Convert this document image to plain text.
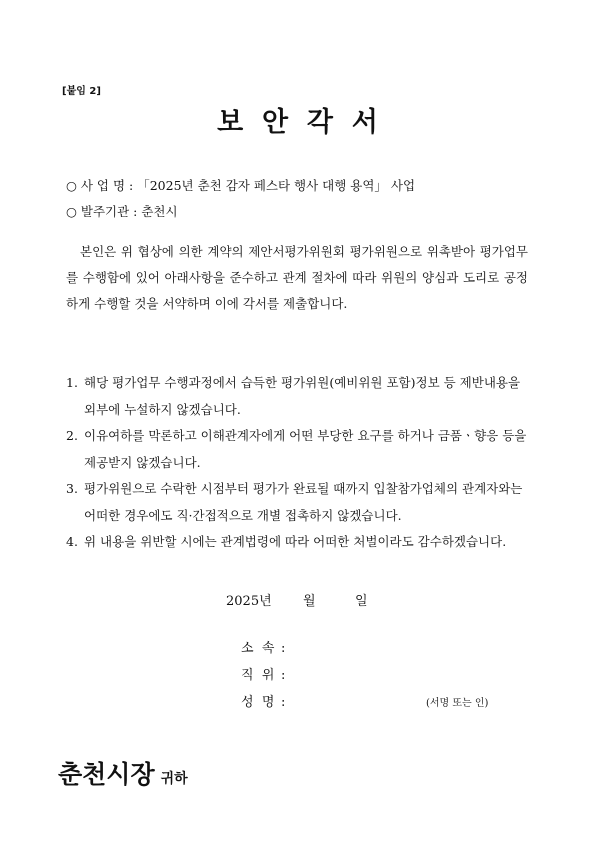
[붙임 2]
보  안  각  서
○ 사 업 명 : 「2025년 춘천 감자 페스타 행사 대행 용역」 사업
○ 발주기관 : 춘천시
본인은 위 협상에 의한 계약의 제안서평가위원회 평가위원으로 위촉받아 평가업무를 수행함에 있어 아래사항을 준수하고 관계 절차에 따라 위원의 양심과 도리로 공정하게 수행할 것을 서약하며 이에 각서를 제출합니다.
1. 해당 평가업무 수행과정에서 습득한 평가위원(예비위원 포함)정보 등 제반내용을 외부에 누설하지 않겠습니다.
2. 이유여하를 막론하고 이해관계자에게 어떤 부당한 요구를 하거나 금품ㆍ향응 등을 제공받지 않겠습니다.
3. 평가위원으로 수락한 시점부터 평가가 완료될 때까지 입찰참가업체의 관계자와는 어떠한 경우에도 직·간접적으로 개별 접촉하지 않겠습니다.
4. 위 내용을 위반할 시에는 관계법령에 따라 어떠한 처벌이라도 감수하겠습니다.
2025년 월	일
소  속 :
직  위 :
성  명 :	(서명 또는 인)
춘천시장 귀하
